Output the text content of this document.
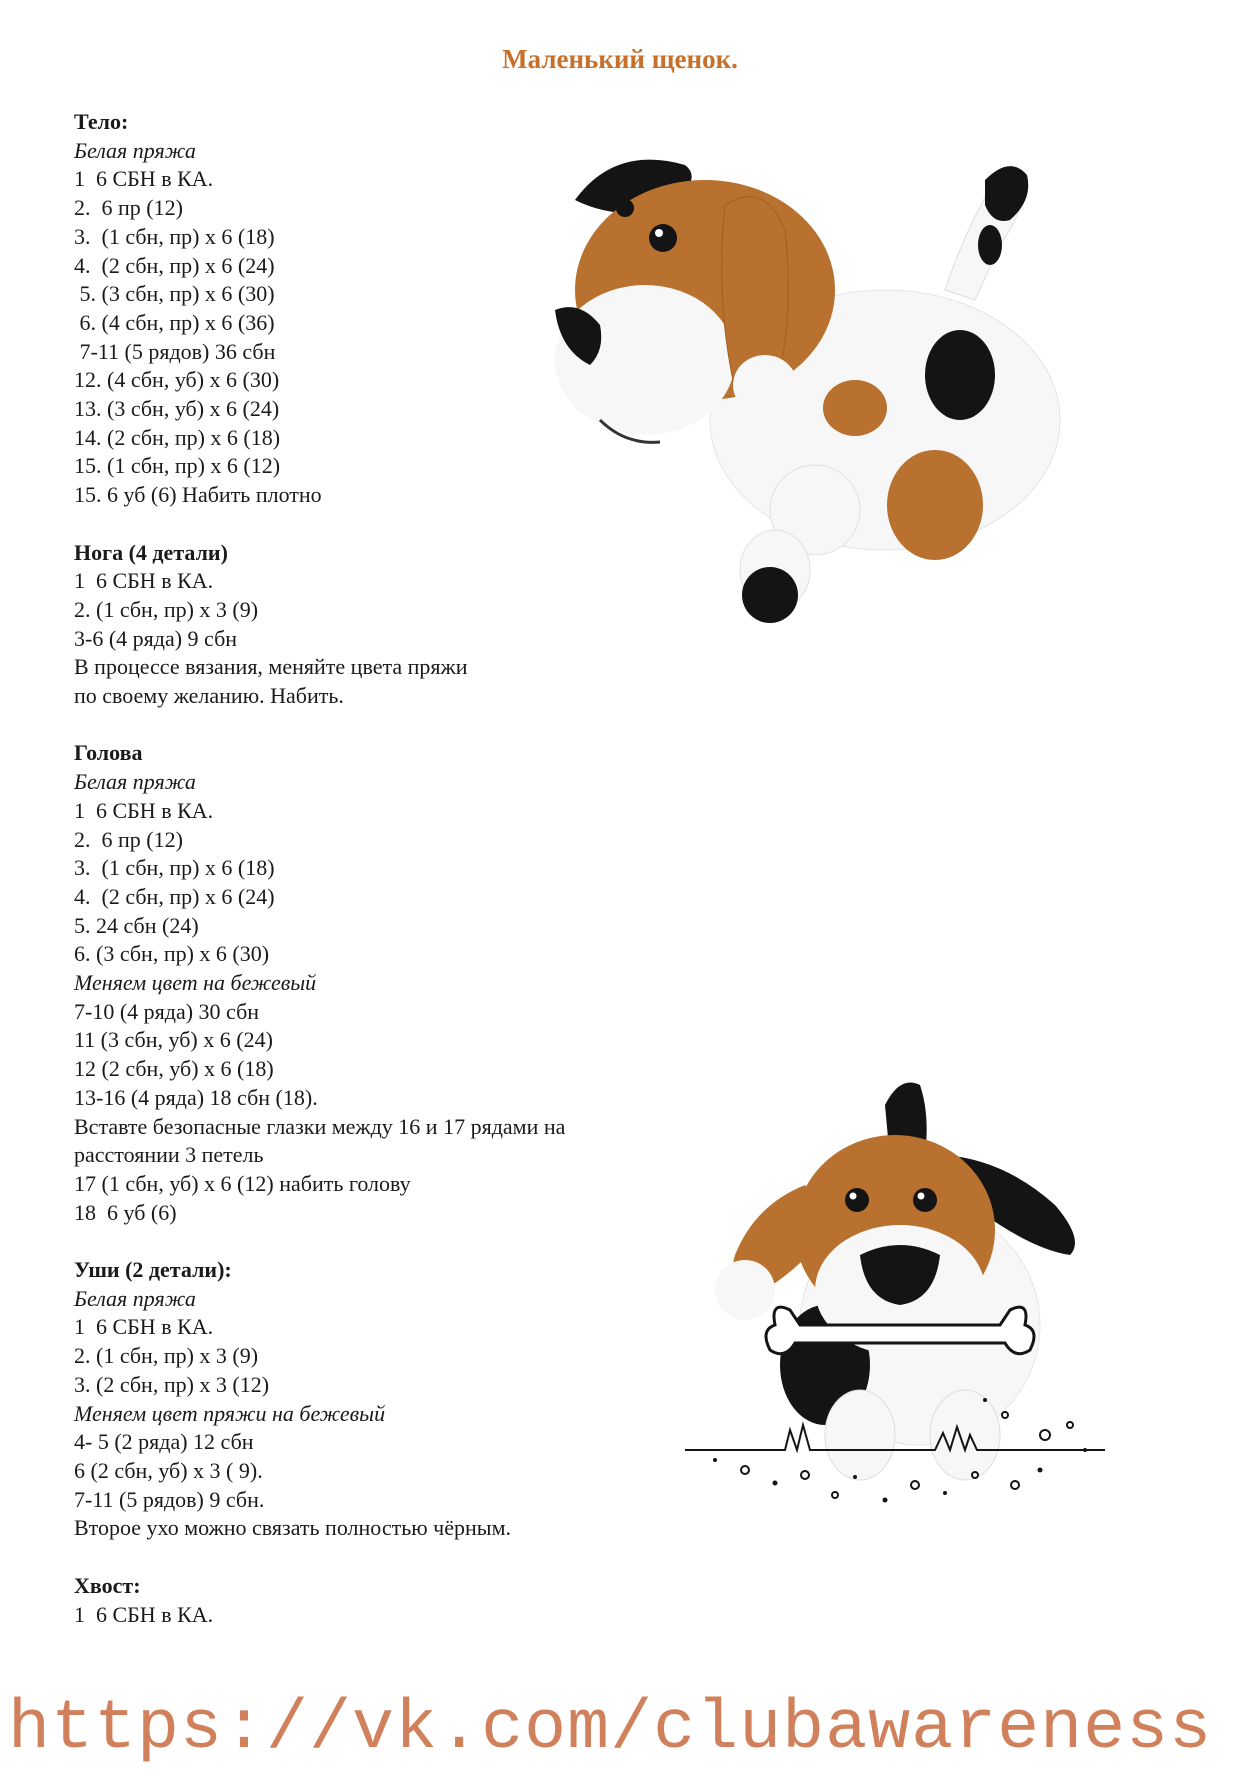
Маленький щенок.
Тело:
Белая пряжа
1  6 СБН в КА.
2.  6 пр (12)
3.  (1 сбн, пр) х 6 (18)
4.  (2 сбн, пр) х 6 (24)
5. (3 сбн, пр) х 6 (30)
6. (4 сбн, пр) х 6 (36)
7-11 (5 рядов) 36 сбн
12. (4 сбн, уб) х 6 (30)
13. (3 сбн, уб) х 6 (24)
14. (2 сбн, пр) х 6 (18)
15. (1 сбн, пр) х 6 (12)
15. 6 уб (6) Набить плотно
Нога (4 детали)
1  6 СБН в КА.
2. (1 сбн, пр) х 3 (9)
3-6 (4 ряда) 9 сбн
В процессе вязания, меняйте цвета пряжи
по своему желанию. Набить.
Голова
Белая пряжа
1  6 СБН в КА.
2.  6 пр (12)
3.  (1 сбн, пр) х 6 (18)
4.  (2 сбн, пр) х 6 (24)
5. 24 сбн (24)
6. (3 сбн, пр) х 6 (30)
Меняем цвет на бежевый
7-10 (4 ряда) 30 сбн
11 (3 сбн, уб) х 6 (24)
12 (2 сбн, уб) х 6 (18)
13-16 (4 ряда) 18 сбн (18).
Вставте безопасные глазки между 16 и 17 рядами на
расстоянии 3 петель
17 (1 сбн, уб) х 6 (12) набить голову
18  6 уб (6)
Уши (2 детали):
Белая пряжа
1  6 СБН в КА.
2. (1 сбн, пр) х 3 (9)
3. (2 сбн, пр) х 3 (12)
Меняем цвет пряжи на бежевый
4- 5 (2 ряда) 12 сбн
6 (2 сбн, уб) х 3 ( 9).
7-11 (5 рядов) 9 сбн.
Второе ухо можно связать полностью чёрным.
Хвост:
1  6 СБН в КА.
https://vk.com/clubawareness
